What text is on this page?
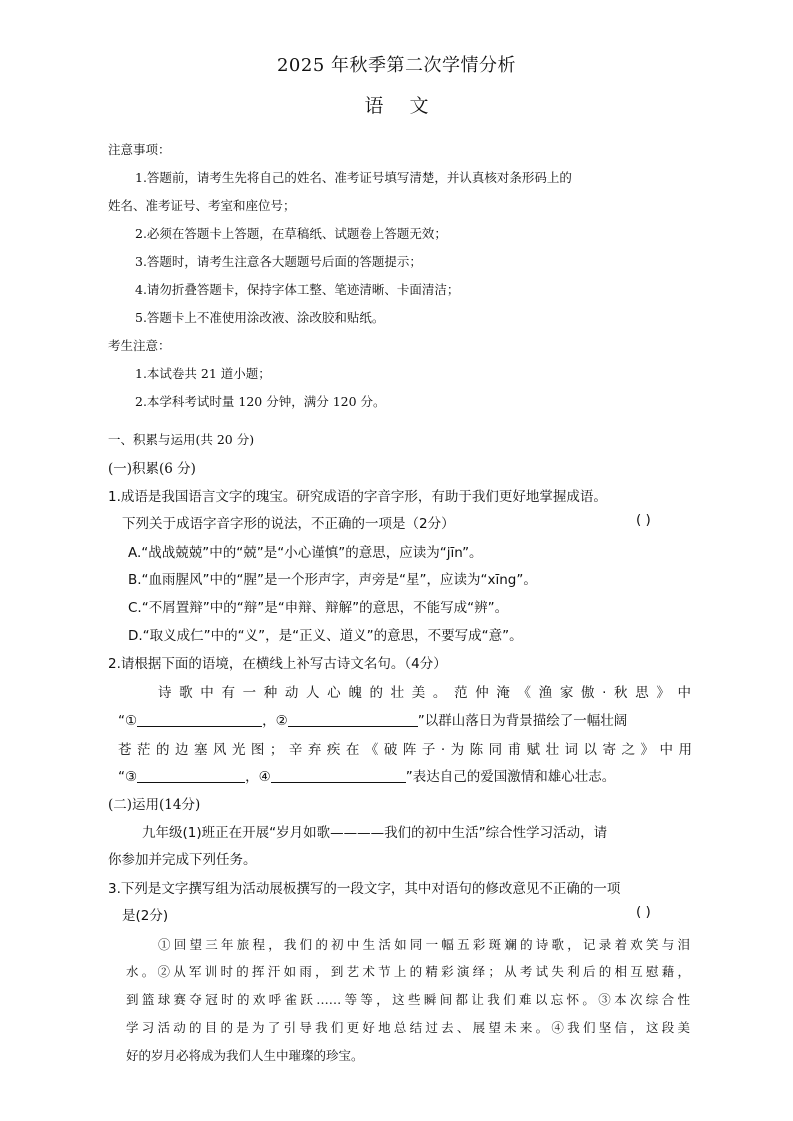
2025 年秋季第二次学情分析
语 文
注意事项：
1.答题前，请考生先将自己的姓名、准考证号填写清楚，并认真核对条形码上的
姓名、准考证号、考室和座位号；
2.必须在答题卡上答题，在草稿纸、试题卷上答题无效；
3.答题时，请考生注意各大题题号后面的答题提示；
4.请勿折叠答题卡，保持字体工整、笔迹清晰、卡面清洁；
5.答题卡上不准使用涂改液、涂改胶和贴纸。
考生注意：
1.本试卷共 21 道小题；
2.本学科考试时量 120 分钟，满分 120 分。
一、积累与运用(共 20 分)
(一)积累(6 分)
1.成语是我国语言文字的瑰宝。研究成语的字音字形，有助于我们更好地掌握成语。
下列关于成语字音字形的说法，不正确的一项是（2分）	( )
A.“战战兢兢”中的“兢”是“小心谨慎”的意思，应读为“jīn”。
B.“血雨腥风”中的“腥”是一个形声字，声旁是“星”，应读为“xīng”。
C.“不屑置辩”中的“辩”是“申辩、辩解”的意思，不能写成“辨”。
D.“取义成仁”中的“义”，是“正义、道义”的意思，不要写成“意”。
2.请根据下面的语境，在横线上补写古诗文名句。（4分）
诗歌中有一种动人心魄的壮美。范仲淹《渔家傲·秋思》中
“①	，②	”以群山落日为背景描绘了一幅壮阔
苍茫的边塞风光图；辛弃疾在《破阵子·为陈同甫赋壮词以寄之》中用
“③	，④	”表达自己的爱国激情和雄心壮志。
(二)运用(14分)
九年级(1)班正在开展“岁月如歌————我们的初中生活”综合性学习活动，请
你参加并完成下列任务。
3.下列是文字撰写组为活动展板撰写的一段文字，其中对语句的修改意见不正确的一项
是(2分)	( )
①回望三年旅程，我们的初中生活如同一幅五彩斑斓的诗歌，记录着欢笑与泪
水。②从军训时的挥汗如雨，到艺术节上的精彩演绎；从考试失利后的相互慰藉，
到篮球赛夺冠时的欢呼雀跃……等等，这些瞬间都让我们难以忘怀。③本次综合性
学习活动的目的是为了引导我们更好地总结过去、展望未来。④我们坚信，这段美
好的岁月必将成为我们人生中璀璨的珍宝。
